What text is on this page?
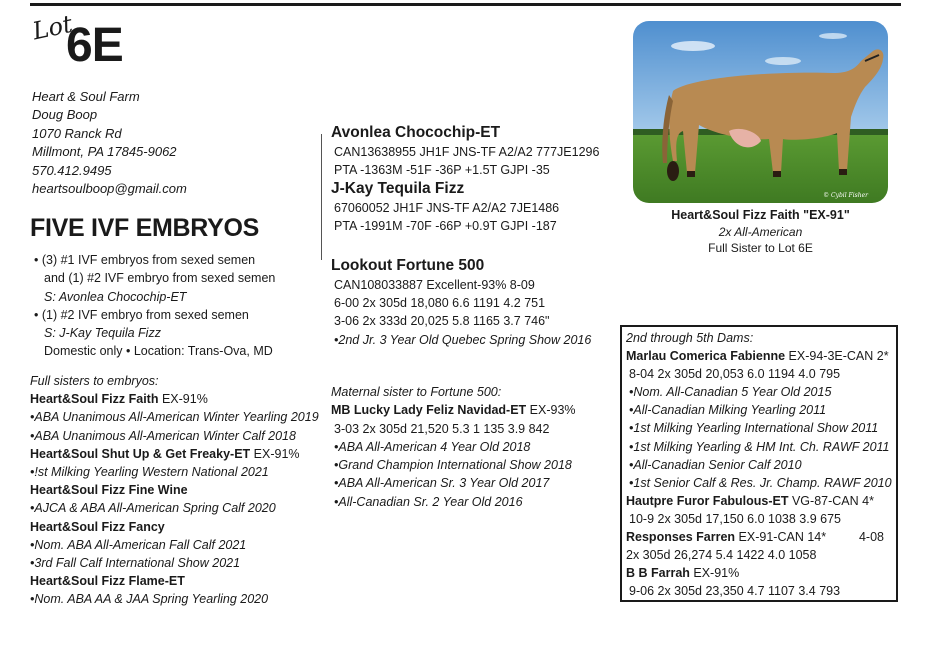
Lot
6E
Heart & Soul Farm
Doug Boop
1070 Ranck Rd
Millmont, PA 17845-9062
570.412.9495
heartsoulboop@gmail.com
FIVE IVF EMBRYOS
• (3) #1 IVF embryos from sexed semen
and (1) #2 IVF embryo from sexed semen
S: Avonlea Chocochip-ET
• (1) #2 IVF embryo from sexed semen
S: J-Kay Tequila Fizz
Domestic only • Location: Trans-Ova, MD
Full sisters to embryos:
Heart&Soul Fizz Faith EX-91%
•ABA Unanimous All-American Winter Yearling 2019
•ABA Unanimous All-American Winter Calf 2018
Heart&Soul Shut Up & Get Freaky-ET EX-91%
•!st Milking Yearling Western National 2021
Heart&Soul Fizz Fine Wine
•AJCA & ABA All-American Spring Calf 2020
Heart&Soul Fizz Fancy
•Nom. ABA All-American Fall Calf 2021
•3rd Fall Calf International Show 2021
Heart&Soul Fizz Flame-ET
•Nom. ABA AA & JAA Spring Yearling 2020
Avonlea Chocochip-ET
CAN13638955 JH1F JNS-TF A2/A2 777JE1296
PTA -1363M -51F -36P +1.5T GJPI -35
J-Kay Tequila Fizz
67060052 JH1F JNS-TF A2/A2 7JE1486
PTA -1991M -70F -66P +0.9T GJPI -187
Lookout Fortune 500
CAN108033887 Excellent-93% 8-09
6-00 2x 305d 18,080 6.6 1191 4.2 751
3-06 2x 333d 20,025 5.8 1165 3.7 746"
•2nd Jr. 3 Year Old Quebec Spring Show 2016
Maternal sister to Fortune 500:
MB Lucky Lady Feliz Navidad-ET EX-93%
3-03 2x 305d 21,520 5.3 1 135 3.9 842
•ABA All-American 4 Year Old 2018
•Grand Champion International Show 2018
•ABA All-American Sr. 3 Year Old 2017
•All-Canadian Sr. 2 Year Old 2016
© Cybil Fisher
Heart&Soul Fizz Faith "EX-91"
2x All-American
Full Sister to Lot 6E
2nd through 5th Dams:
Marlau Comerica Fabienne EX-94-3E-CAN 2*
8-04 2x 305d 20,053 6.0 1194 4.0 795
•Nom. All-Canadian 5 Year Old 2015
•All-Canadian Milking Yearling 2011
•1st Milking Yearling International Show 2011
•1st Milking Yearling & HM Int. Ch. RAWF 2011
•All-Canadian Senior Calf 2010
•1st Senior Calf & Res. Jr. Champ. RAWF 2010
Hautpre Furor Fabulous-ET VG-87-CAN 4*
10-9 2x 305d 17,150 6.0 1038 3.9 675
Responses Farren EX-91-CAN 14*	4-08
2x 305d 26,274 5.4 1422 4.0 1058
B B Farrah EX-91%
9-06 2x 305d 23,350 4.7 1107 3.4 793
